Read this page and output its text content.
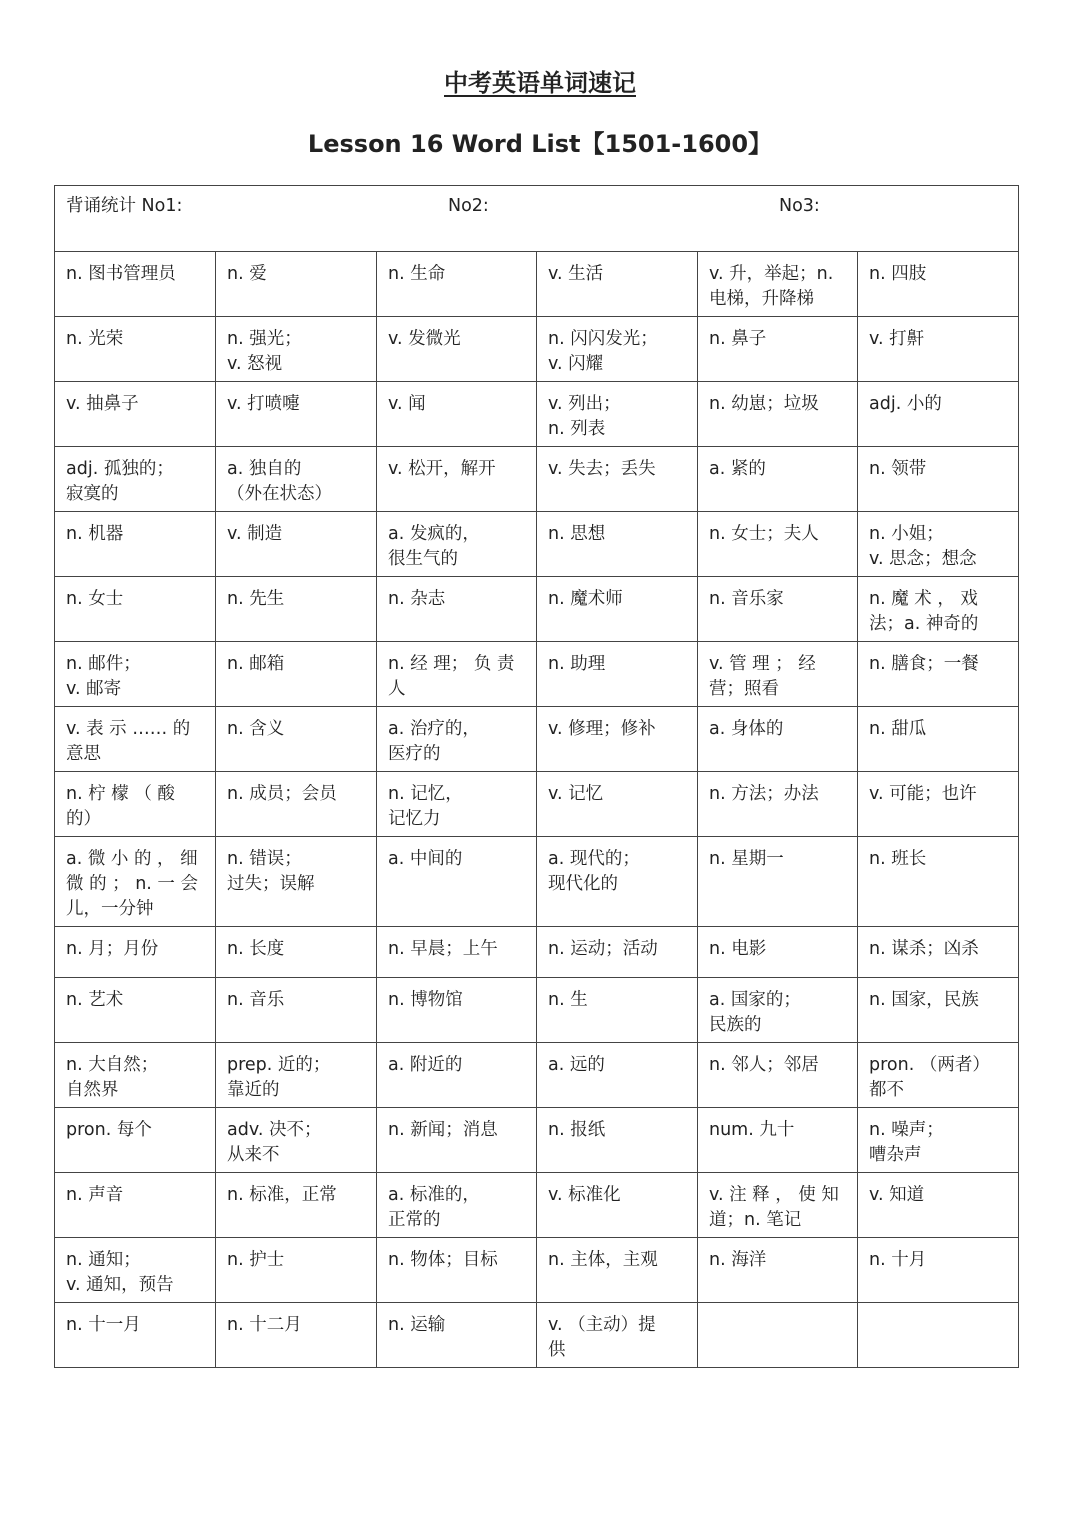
中考英语单词速记
Lesson 16 Word List【1501-1600】
背诵统计 No1: No2: No3:					

n. 图书管理员	n. 爱	n. 生命	v. 生活	v. 升，举起；n.
电梯，升降梯	n. 四肢

n. 光荣	n. 强光；
v. 怒视	v. 发微光	n. 闪闪发光；
v. 闪耀	n. 鼻子	v. 打鼾

v. 抽鼻子	v. 打喷嚏	v. 闻	v. 列出；
n. 列表	n. 幼崽；垃圾	adj. 小的

adj. 孤独的；
寂寞的	a. 独自的
（外在状态）	v. 松开，解开	v. 失去；丢失	a. 紧的	n. 领带

n. 机器	v. 制造	a. 发疯的，
很生气的	n. 思想	n. 女士；夫人	n. 小姐；
v. 思念；想念

n. 女士	n. 先生	n. 杂志	n. 魔术师	n. 音乐家	n. 魔 术 ， 戏
法；a. 神奇的

n. 邮件；
v. 邮寄	n. 邮箱	n. 经 理； 负 责
人	n. 助理	v. 管 理 ； 经
营；照看	n. 膳食；一餐

v. 表 示 …… 的
意思	n. 含义	a. 治疗的，
医疗的	v. 修理；修补	a. 身体的	n. 甜瓜

n. 柠 檬 （ 酸
的）	n. 成员；会员	n. 记忆，
记忆力	v. 记忆	n. 方法；办法	v. 可能；也许

a. 微 小 的 ， 细
微 的 ； n. 一 会
儿，一分钟	n. 错误；
过失；误解	a. 中间的	a. 现代的；
现代化的	n. 星期一	n. 班长

n. 月；月份	n. 长度	n. 早晨；上午	n. 运动；活动	n. 电影	n. 谋杀；凶杀

n. 艺术	n. 音乐	n. 博物馆	n. 生	a. 国家的；
民族的	n. 国家，民族

n. 大自然；
自然界	prep. 近的；
靠近的	a. 附近的	a. 远的	n. 邻人；邻居	pron. （两者）
都不

pron. 每个	adv. 决不；
从来不	n. 新闻；消息	n. 报纸	num. 九十	n. 噪声；
嘈杂声

n. 声音	n. 标准，正常	a. 标准的，
正常的	v. 标准化	v. 注 释 ， 使 知
道；n. 笔记	v. 知道

n. 通知；
v. 通知，预告	n. 护士	n. 物体；目标	n. 主体，主观	n. 海洋	n. 十月

n. 十一月	n. 十二月	n. 运输	v. （主动）提
供		
